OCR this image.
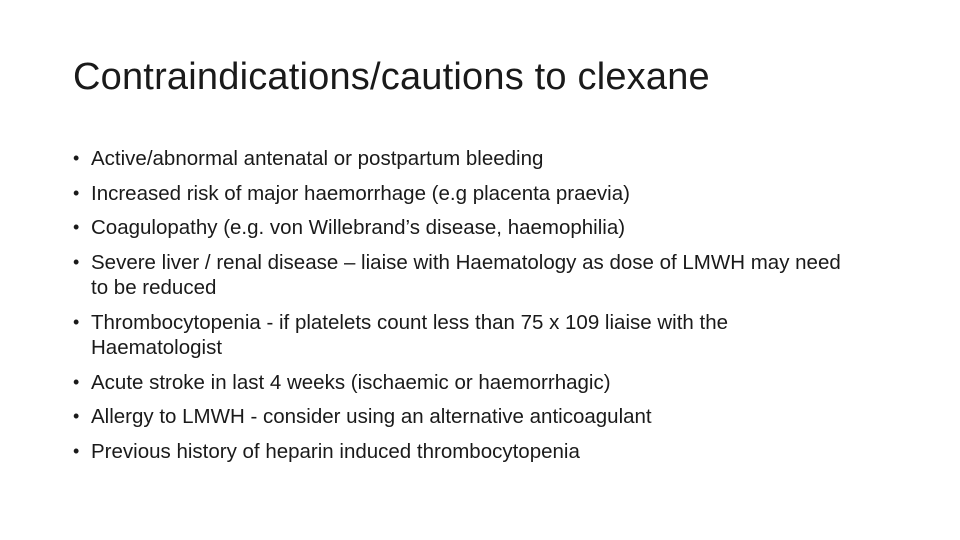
Contraindications/cautions to clexane
• Active/abnormal antenatal or postpartum bleeding
• Increased risk of major haemorrhage (e.g placenta praevia)
• Coagulopathy (e.g. von Willebrand’s disease, haemophilia)
• Severe liver / renal disease – liaise with Haematology as dose of LMWH may need to be reduced
• Thrombocytopenia - if platelets count less than 75 x 109 liaise with the Haematologist
• Acute stroke in last 4 weeks (ischaemic or haemorrhagic)
• Allergy to LMWH - consider using an alternative anticoagulant
• Previous history of heparin induced thrombocytopenia
